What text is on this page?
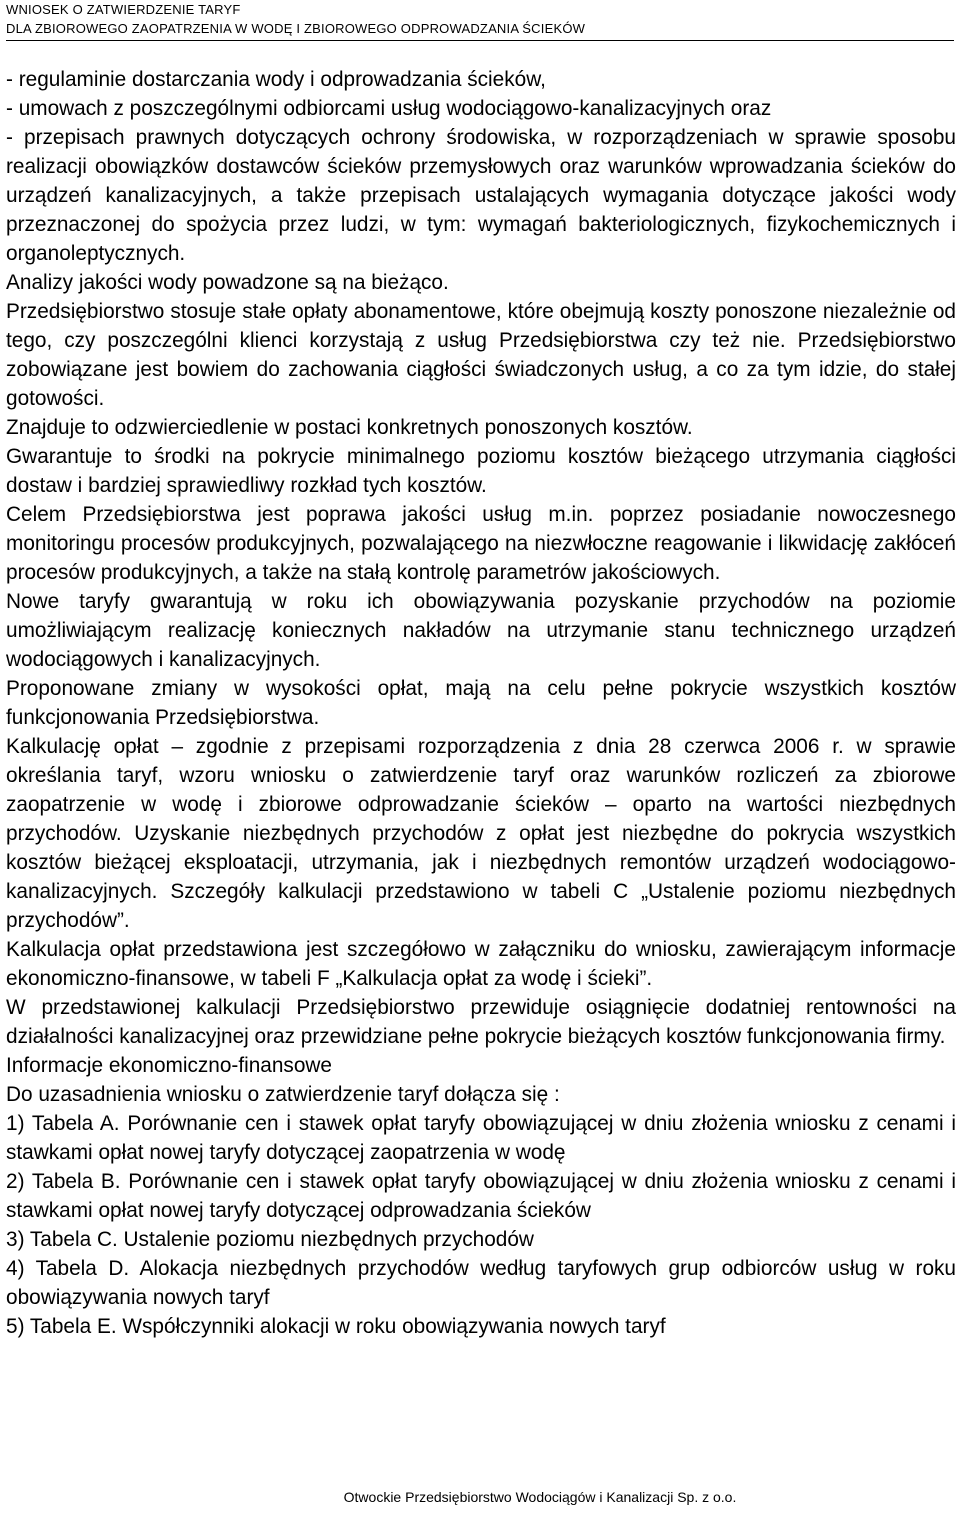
WNIOSEK O ZATWIERDZENIE TARYF
DLA ZBIOROWEGO ZAOPATRZENIA W WODĘ I ZBIOROWEGO ODPROWADZANIA ŚCIEKÓW

- regulaminie dostarczania wody i odprowadzania ścieków,

- umowach z poszczególnymi odbiorcami usług wodociągowo-kanalizacyjnych oraz

- przepisach prawnych dotyczących ochrony środowiska, w rozporządzeniach w sprawie sposobu realizacji obowiązków dostawców ścieków przemysłowych oraz warunków wprowadzania ścieków do urządzeń kanalizacyjnych, a także przepisach ustalających wymagania dotyczące jakości wody przeznaczonej do spożycia przez ludzi, w tym: wymagań bakteriologicznych, fizykochemicznych i organoleptycznych.

Analizy jakości wody powadzone są na bieżąco.

Przedsiębiorstwo stosuje stałe opłaty abonamentowe, które obejmują koszty ponoszone niezależnie od tego, czy poszczególni klienci korzystają z usług Przedsiębiorstwa czy też nie. Przedsiębiorstwo zobowiązane jest bowiem do zachowania ciągłości świadczonych usług, a co za tym idzie, do stałej gotowości.

Znajduje to odzwierciedlenie w postaci konkretnych ponoszonych kosztów.

Gwarantuje to środki na pokrycie minimalnego poziomu kosztów bieżącego utrzymania ciągłości dostaw i bardziej sprawiedliwy rozkład tych kosztów.

Celem Przedsiębiorstwa jest poprawa jakości usług m.in. poprzez posiadanie nowoczesnego monitoringu procesów produkcyjnych, pozwalającego na niezwłoczne reagowanie i likwidację zakłóceń procesów produkcyjnych, a także na stałą kontrolę parametrów jakościowych.

Nowe taryfy gwarantują w roku ich obowiązywania pozyskanie przychodów na poziomie umożliwiającym realizację koniecznych nakładów na utrzymanie stanu technicznego urządzeń wodociągowych i kanalizacyjnych.

Proponowane zmiany w wysokości opłat, mają na celu pełne pokrycie wszystkich kosztów funkcjonowania Przedsiębiorstwa.

Kalkulację opłat – zgodnie z przepisami rozporządzenia z dnia 28 czerwca 2006 r. w sprawie określania taryf, wzoru wniosku o zatwierdzenie taryf oraz warunków rozliczeń za zbiorowe zaopatrzenie w wodę i zbiorowe odprowadzanie ścieków – oparto na wartości niezbędnych przychodów. Uzyskanie niezbędnych przychodów z opłat jest niezbędne do pokrycia wszystkich kosztów bieżącej eksploatacji, utrzymania, jak i niezbędnych remontów urządzeń wodociągowo-kanalizacyjnych. Szczegóły kalkulacji przedstawiono w tabeli C „Ustalenie poziomu niezbędnych przychodów”.

Kalkulacja opłat przedstawiona jest szczegółowo w załączniku do wniosku, zawierającym informacje ekonomiczno-finansowe, w tabeli F „Kalkulacja opłat za wodę i ścieki”.

W przedstawionej kalkulacji Przedsiębiorstwo przewiduje osiągnięcie dodatniej rentowności na działalności kanalizacyjnej oraz przewidziane pełne pokrycie bieżących kosztów funkcjonowania firmy.

Informacje ekonomiczno-finansowe

Do uzasadnienia wniosku o zatwierdzenie taryf dołącza się :

1) Tabela A. Porównanie cen i stawek opłat taryfy obowiązującej w dniu złożenia wniosku z cenami i stawkami opłat nowej taryfy dotyczącej zaopatrzenia w wodę

2) Tabela B. Porównanie cen i stawek opłat taryfy obowiązującej w dniu złożenia wniosku z cenami i stawkami opłat nowej taryfy dotyczącej odprowadzania ścieków

3) Tabela C. Ustalenie poziomu niezbędnych przychodów

4) Tabela D. Alokacja niezbędnych przychodów według taryfowych grup odbiorców usług w roku obowiązywania nowych taryf

5) Tabela E. Współczynniki alokacji w roku obowiązywania nowych taryf

Otwockie Przedsiębiorstwo Wodociągów i Kanalizacji Sp. z o.o.
